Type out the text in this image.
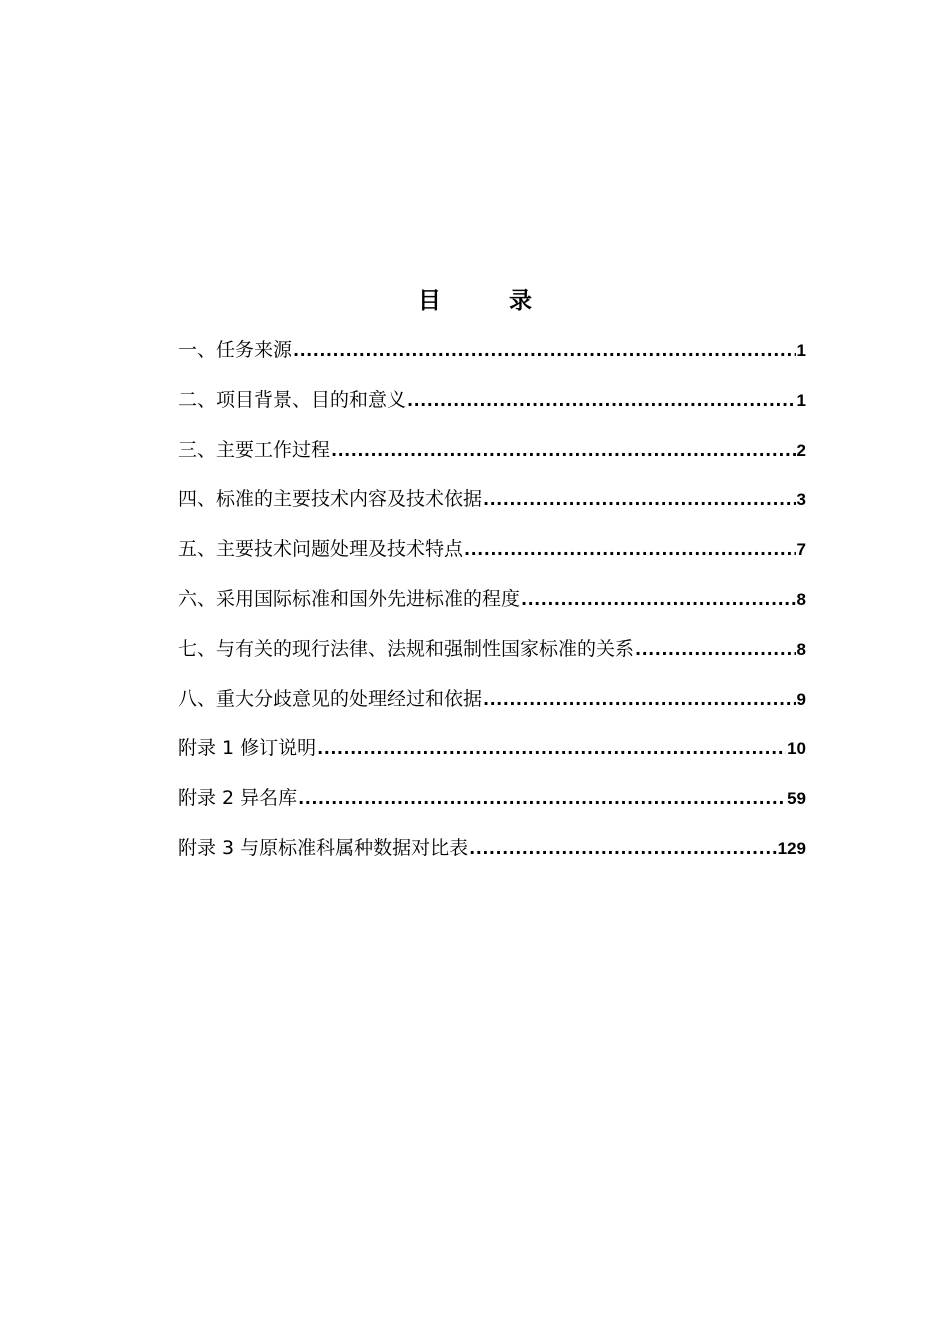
目 录
一、任务来源 .....	1
二、项目背景、目的和意义 .....	1
三、主要工作过程 .....	2
四、标准的主要技术内容及技术依据 .....	3
五、主要技术问题处理及技术特点 .....	7
六、采用国际标准和国外先进标准的程度 .....	8
七、与有关的现行法律、法规和强制性国家标准的关系 .....	8
八、重大分歧意见的处理经过和依据 .....	9
附录 1 修订说明 .....	10
附录 2 异名库 .....	59
附录 3 与原标准科属种数据对比表 .....	129
